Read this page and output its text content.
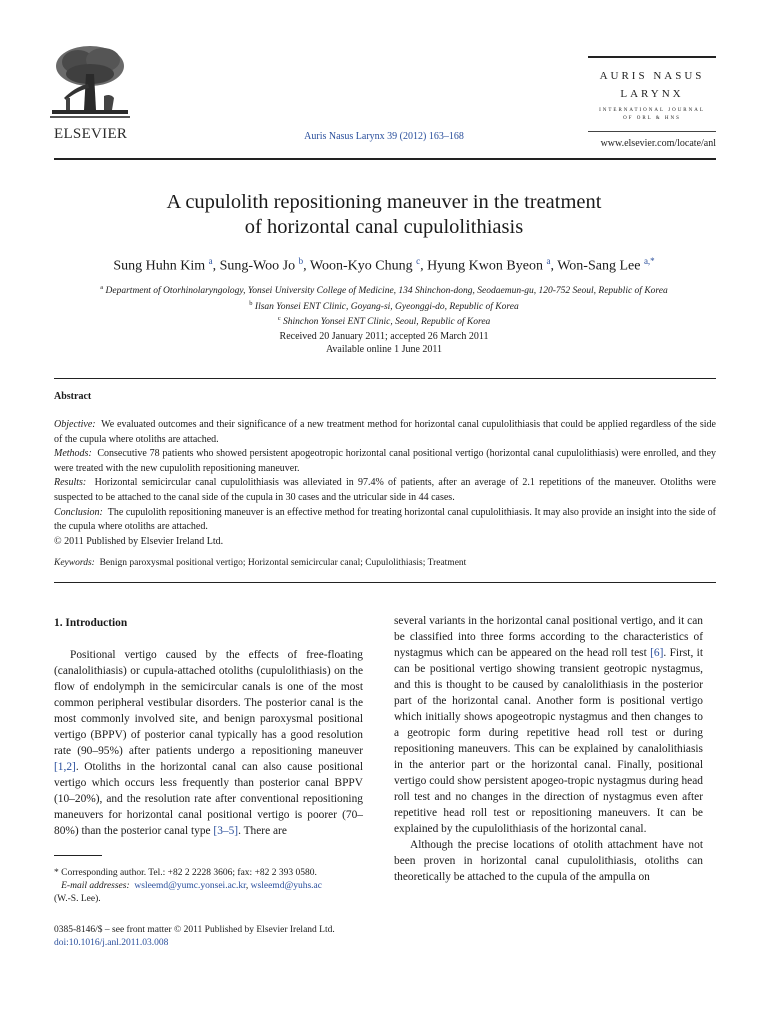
ELSEVIER	Auris Nasus Larynx 39 (2012) 163–168
AURIS NASUS
LARYNX
INTERNATIONAL JOURNAL
OF ORL & HNS
www.elsevier.com/locate/anl
A cupulolith repositioning maneuver in the treatment
of horizontal canal cupulolithiasis
Sung Huhn Kim $^a$, Sung-Woo Jo $^b$, Woon-Kyo Chung $^c$, Hyung Kwon Byeon $^a$, Won-Sang Lee $^{a,*}$
$^a$ Department of Otorhinolaryngology, Yonsei University College of Medicine, 134 Shinchon-dong, Seodaemun-gu, 120-752 Seoul, Republic of Korea
$^b$ Ilsan Yonsei ENT Clinic, Goyang-si, Gyeonggi-do, Republic of Korea
$^c$ Shinchon Yonsei ENT Clinic, Seoul, Republic of Korea
Received 20 January 2011; accepted 26 March 2011
Available online 1 June 2011
Abstract

Objective: We evaluated outcomes and their significance of a new treatment method for horizontal canal cupulolithiasis that could be applied regardless of the side of the cupula where otoliths are attached.

Methods: Consecutive 78 patients who showed persistent apogeotropic horizontal canal positional vertigo (horizontal canal cupulolithiasis) were enrolled, and they were treated with the new cupulolith repositioning maneuver.

Results: Horizontal semicircular canal cupulolithiasis was alleviated in 97.4% of patients, after an average of 2.1 repetitions of the maneuver. Otoliths were suspected to be attached to the canal side of the cupula in 30 cases and the utricular side in 44 cases.

Conclusion: The cupulolith repositioning maneuver is an effective method for treating horizontal canal cupulolithiasis. It may also provide an insight into the side of the cupula where otoliths are attached.

© 2011 Published by Elsevier Ireland Ltd.

Keywords: Benign paroxysmal positional vertigo; Horizontal semicircular canal; Cupulolithiasis; Treatment

1. Introduction

Positional vertigo caused by the effects of free-floating (canalolithiasis) or cupula-attached otoliths (cupulolithiasis) on the flow of endolymph in the semicircular canals is one of the most common peripheral vestibular disorders. The posterior canal is the most commonly involved site, and benign paroxysmal positional vertigo (BPPV) of posterior canal typically has a good resolution rate (90–95%) after patients undergo a repositioning maneuver [1,2]. Otoliths in the horizontal canal can also cause positional vertigo which occurs less frequently than posterior canal BPPV (10–20%), and the resolution rate after conventional repositioning maneuvers for horizontal canal positional vertigo is poorer (70–80%) than the posterior canal type [3–5]. There are

several variants in the horizontal canal positional vertigo, and it can be classified into three forms according to the characteristics of nystagmus which can be appeared on the head roll test [6]. First, it can be positional vertigo showing transient geotropic nystagmus, and this is thought to be caused by canalolithiasis in the posterior part of the horizontal canal. Another form is positional vertigo which initially shows apogeotropic nystagmus and then changes to a geotropic form during repetitive head roll test or during repositioning maneuvers. This can be explained by canalolithiasis in the anterior part or the horizontal canal. Finally, positional vertigo could show persistent apogeo-tropic nystagmus during head roll test and no changes in the direction of nystagmus even after repetitive head roll test or repositioning maneuvers. It can be explained by the cupulolithiasis of the horizontal canal.

Although the precise locations of otolith attachment have not been proven in horizontal canal cupulolithiasis, otoliths can theoretically be attached to the cupula of the ampulla on

* Corresponding author. Tel.: +82 2 2228 3606; fax: +82 2 393 0580.
E-mail addresses: wsleemd@yumc.yonsei.ac.kr, wsleemd@yuhs.ac
(W.-S. Lee).
0385-8146/$ – see front matter © 2011 Published by Elsevier Ireland Ltd.
doi:10.1016/j.anl.2011.03.008
